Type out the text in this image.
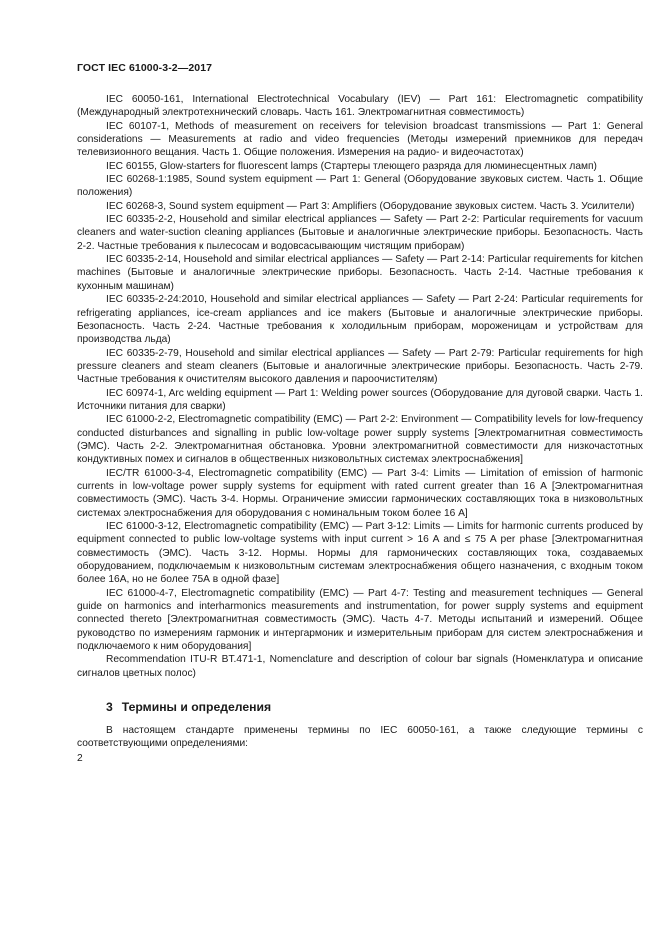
ГОСТ IEC 61000-3-2—2017

IEC 60050-161, International Electrotechnical Vocabulary (IEV) — Part 161: Electromagnetic compatibility (Международный электротехнический словарь. Часть 161. Электромагнитная совместимость)

IEC 60107-1, Methods of measurement on receivers for television broadcast transmissions — Part 1: General considerations — Measurements at radio and video frequencies (Методы измерений приемников для передач телевизионного вещания. Часть 1. Общие положения. Измерения на радио- и видеочастотах)

IEC 60155, Glow-starters for fluorescent lamps (Стартеры тлеющего разряда для люминесцентных ламп)

IEC 60268-1:1985, Sound system equipment — Part 1: General (Оборудование звуковых систем. Часть 1. Общие положения)

IEC 60268-3, Sound system equipment — Part 3: Amplifiers (Оборудование звуковых систем. Часть 3. Усилители)

IEC 60335-2-2, Household and similar electrical appliances — Safety — Part 2-2: Particular requirements for vacuum cleaners and water-suction cleaning appliances (Бытовые и аналогичные электрические приборы. Безопасность. Часть 2-2. Частные требования к пылесосам и водовсасывающим чистящим приборам)

IEC 60335-2-14, Household and similar electrical appliances — Safety — Part 2-14: Particular requirements for kitchen machines (Бытовые и аналогичные электрические приборы. Безопасность. Часть 2-14. Частные требования к кухонным машинам)

IEC 60335-2-24:2010, Household and similar electrical appliances — Safety — Part 2-24: Particular requirements for refrigerating appliances, ice-cream appliances and ice makers (Бытовые и аналогичные электрические приборы. Безопасность. Часть 2-24. Частные требования к холодильным приборам, мороженицам и устройствам для производства льда)

IEC 60335-2-79, Household and similar electrical appliances — Safety — Part 2-79: Particular requirements for high pressure cleaners and steam cleaners (Бытовые и аналогичные электрические приборы. Безопасность. Часть 2-79. Частные требования к очистителям высокого давления и пароочистителям)

IEC 60974-1, Arc welding equipment — Part 1: Welding power sources (Оборудование для дуговой сварки. Часть 1. Источники питания для сварки)

IEC 61000-2-2, Electromagnetic compatibility (EMC) — Part 2-2: Environment — Compatibility levels for low-frequency conducted disturbances and signalling in public low-voltage power supply systems [Электромагнитная совместимость (ЭМС). Часть 2-2. Электромагнитная обстановка. Уровни электромагнитной совместимости для низкочастотных кондуктивных помех и сигналов в общественных низковольтных системах электроснабжения]

IEC/TR 61000-3-4, Electromagnetic compatibility (EMC) — Part 3-4: Limits — Limitation of emission of harmonic currents in low-voltage power supply systems for equipment with rated current greater than 16 A [Электромагнитная совместимость (ЭМС). Часть 3-4. Нормы. Ограничение эмиссии гармонических составляющих тока в низковольтных системах электроснабжения для оборудования с номинальным током более 16 А]

IEC 61000-3-12, Electromagnetic compatibility (EMC) — Part 3-12: Limits — Limits for harmonic currents produced by equipment connected to public low-voltage systems with input current > 16 A and ≤ 75 A per phase [Электромагнитная совместимость (ЭМС). Часть 3-12. Нормы. Нормы для гармонических составляющих тока, создаваемых оборудованием, подключаемым к низковольтным системам электроснабжения общего назначения, с входным током более 16А, но не более 75А в одной фазе]

IEC 61000-4-7, Electromagnetic compatibility (EMC) — Part 4-7: Testing and measurement techniques — General guide on harmonics and interharmonics measurements and instrumentation, for power supply systems and equipment connected thereto [Электромагнитная совместимость (ЭМС). Часть 4-7. Методы испытаний и измерений. Общее руководство по измерениям гармоник и интергармоник и измерительным приборам для систем электроснабжения и подключаемого к ним оборудования]

Recommendation ITU-R BT.471-1, Nomenclature and description of colour bar signals (Номенклатура и описание сигналов цветных полос)

3 Термины и определения

В настоящем стандарте применены термины по IEC 60050-161, а также следующие термины с соответствующими определениями:

2
